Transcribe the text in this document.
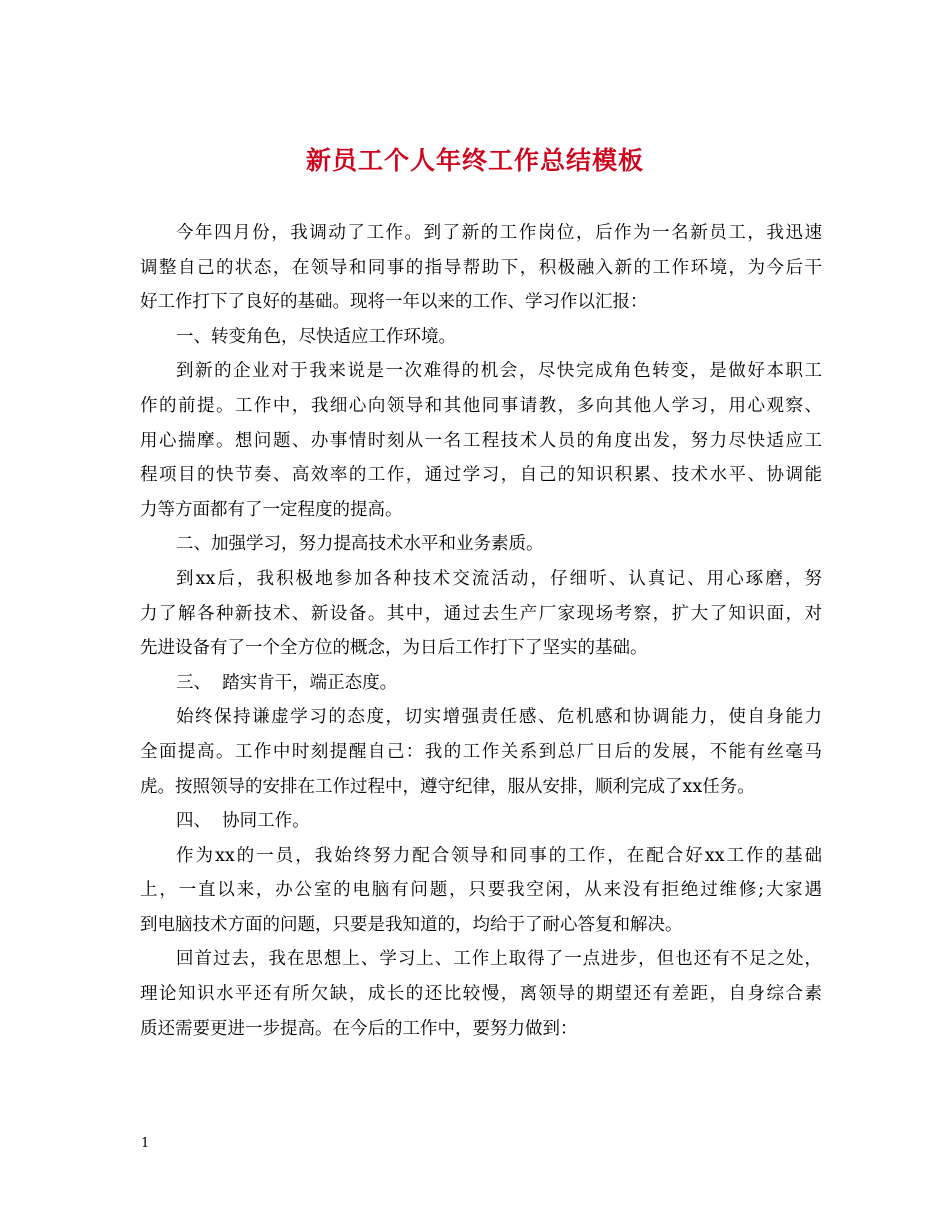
新员工个人年终工作总结模板
今年四月份，我调动了工作。到了新的工作岗位，后作为一名新员工，我迅速
调整自己的状态，在领导和同事的指导帮助下，积极融入新的工作环境，为今后干
好工作打下了良好的基础。现将一年以来的工作、学习作以汇报：
一、转变角色，尽快适应工作环境。
到新的企业对于我来说是一次难得的机会，尽快完成角色转变，是做好本职工
作的前提。工作中，我细心向领导和其他同事请教，多向其他人学习，用心观察、
用心揣摩。想问题、办事情时刻从一名工程技术人员的角度出发，努力尽快适应工
程项目的快节奏、高效率的工作，通过学习，自己的知识积累、技术水平、协调能
力等方面都有了一定程度的提高。
二、加强学习，努力提高技术水平和业务素质。
到xx后，我积极地参加各种技术交流活动，仔细听、认真记、用心琢磨，努
力了解各种新技术、新设备。其中，通过去生产厂家现场考察，扩大了知识面，对
先进设备有了一个全方位的概念，为日后工作打下了坚实的基础。
三、  踏实肯干，端正态度。
始终保持谦虚学习的态度，切实增强责任感、危机感和协调能力，使自身能力
全面提高。工作中时刻提醒自己：我的工作关系到总厂日后的发展，不能有丝毫马
虎。按照领导的安排在工作过程中，遵守纪律，服从安排，顺利完成了xx任务。
四、  协同工作。
作为xx的一员，我始终努力配合领导和同事的工作，在配合好xx工作的基础
上，一直以来，办公室的电脑有问题，只要我空闲，从来没有拒绝过维修;大家遇
到电脑技术方面的问题，只要是我知道的，均给于了耐心答复和解决。
回首过去，我在思想上、学习上、工作上取得了一点进步，但也还有不足之处，
理论知识水平还有所欠缺，成长的还比较慢，离领导的期望还有差距，自身综合素
质还需要更进一步提高。在今后的工作中，要努力做到：
1
